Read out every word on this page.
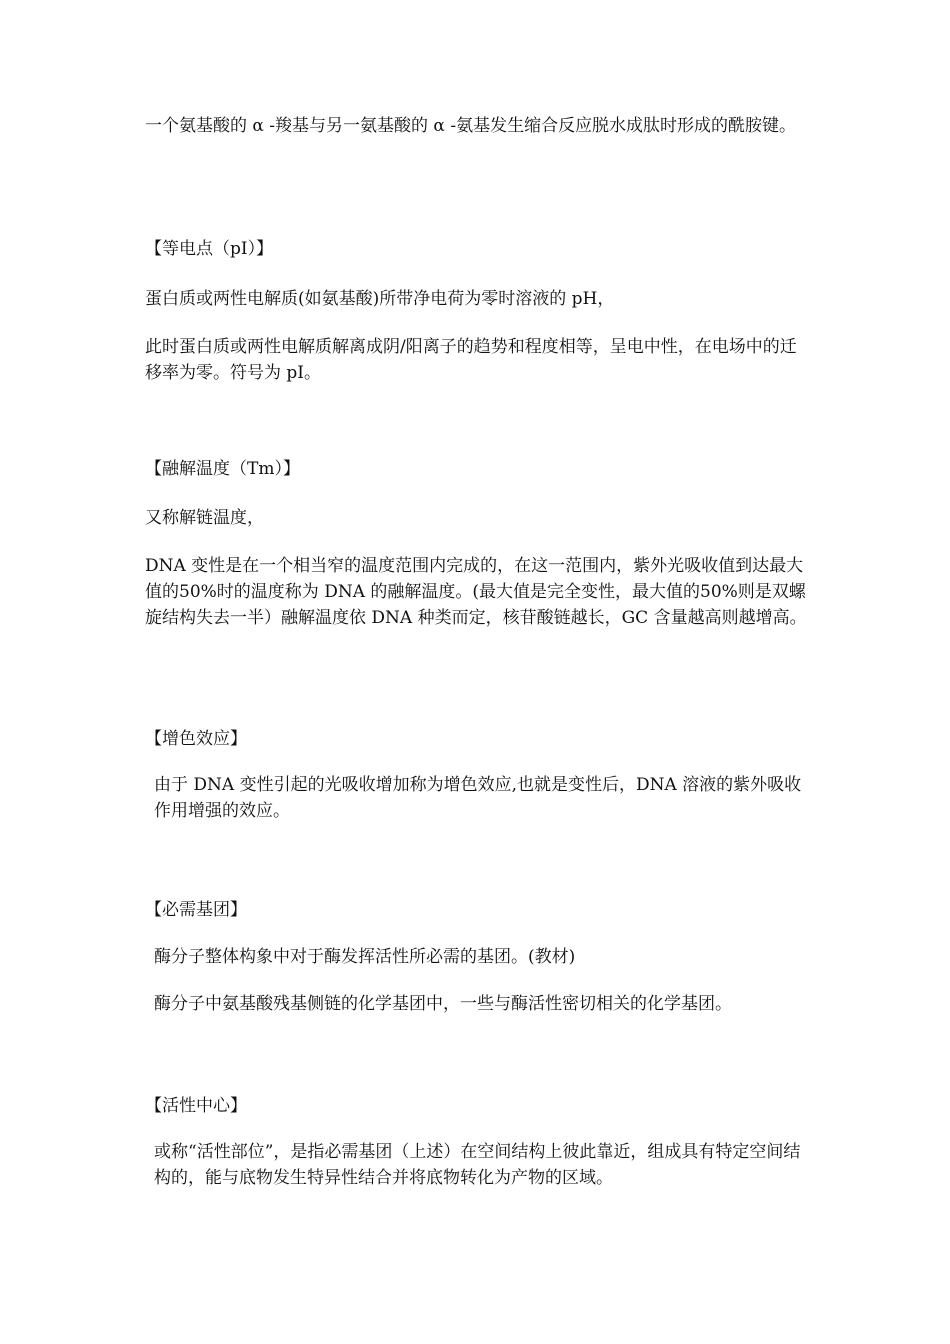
一个氨基酸的 α -羧基与另一氨基酸的 α -氨基发生缩合反应脱水成肽时形成的酰胺键。

【等电点（pI）】

蛋白质或两性电解质(如氨基酸)所带净电荷为零时溶液的 pH，

此时蛋白质或两性电解质解离成阴/阳离子的趋势和程度相等，呈电中性，在电场中的迁移率为零。符号为 pI。

【融解温度（Tm）】

又称解链温度，

DNA 变性是在一个相当窄的温度范围内完成的，在这一范围内，紫外光吸收值到达最大值的50%时的温度称为 DNA 的融解温度。(最大值是完全变性，最大值的50%则是双螺旋结构失去一半）融解温度依 DNA 种类而定，核苷酸链越长，GC 含量越高则越增高。

【增色效应】

由于 DNA 变性引起的光吸收增加称为增色效应,也就是变性后，DNA 溶液的紫外吸收作用增强的效应。

【必需基团】

酶分子整体构象中对于酶发挥活性所必需的基团。(教材)

酶分子中氨基酸残基侧链的化学基团中，一些与酶活性密切相关的化学基团。

【活性中心】

或称“活性部位”，是指必需基团（上述）在空间结构上彼此靠近，组成具有特定空间结构的，能与底物发生特异性结合并将底物转化为产物的区域。
